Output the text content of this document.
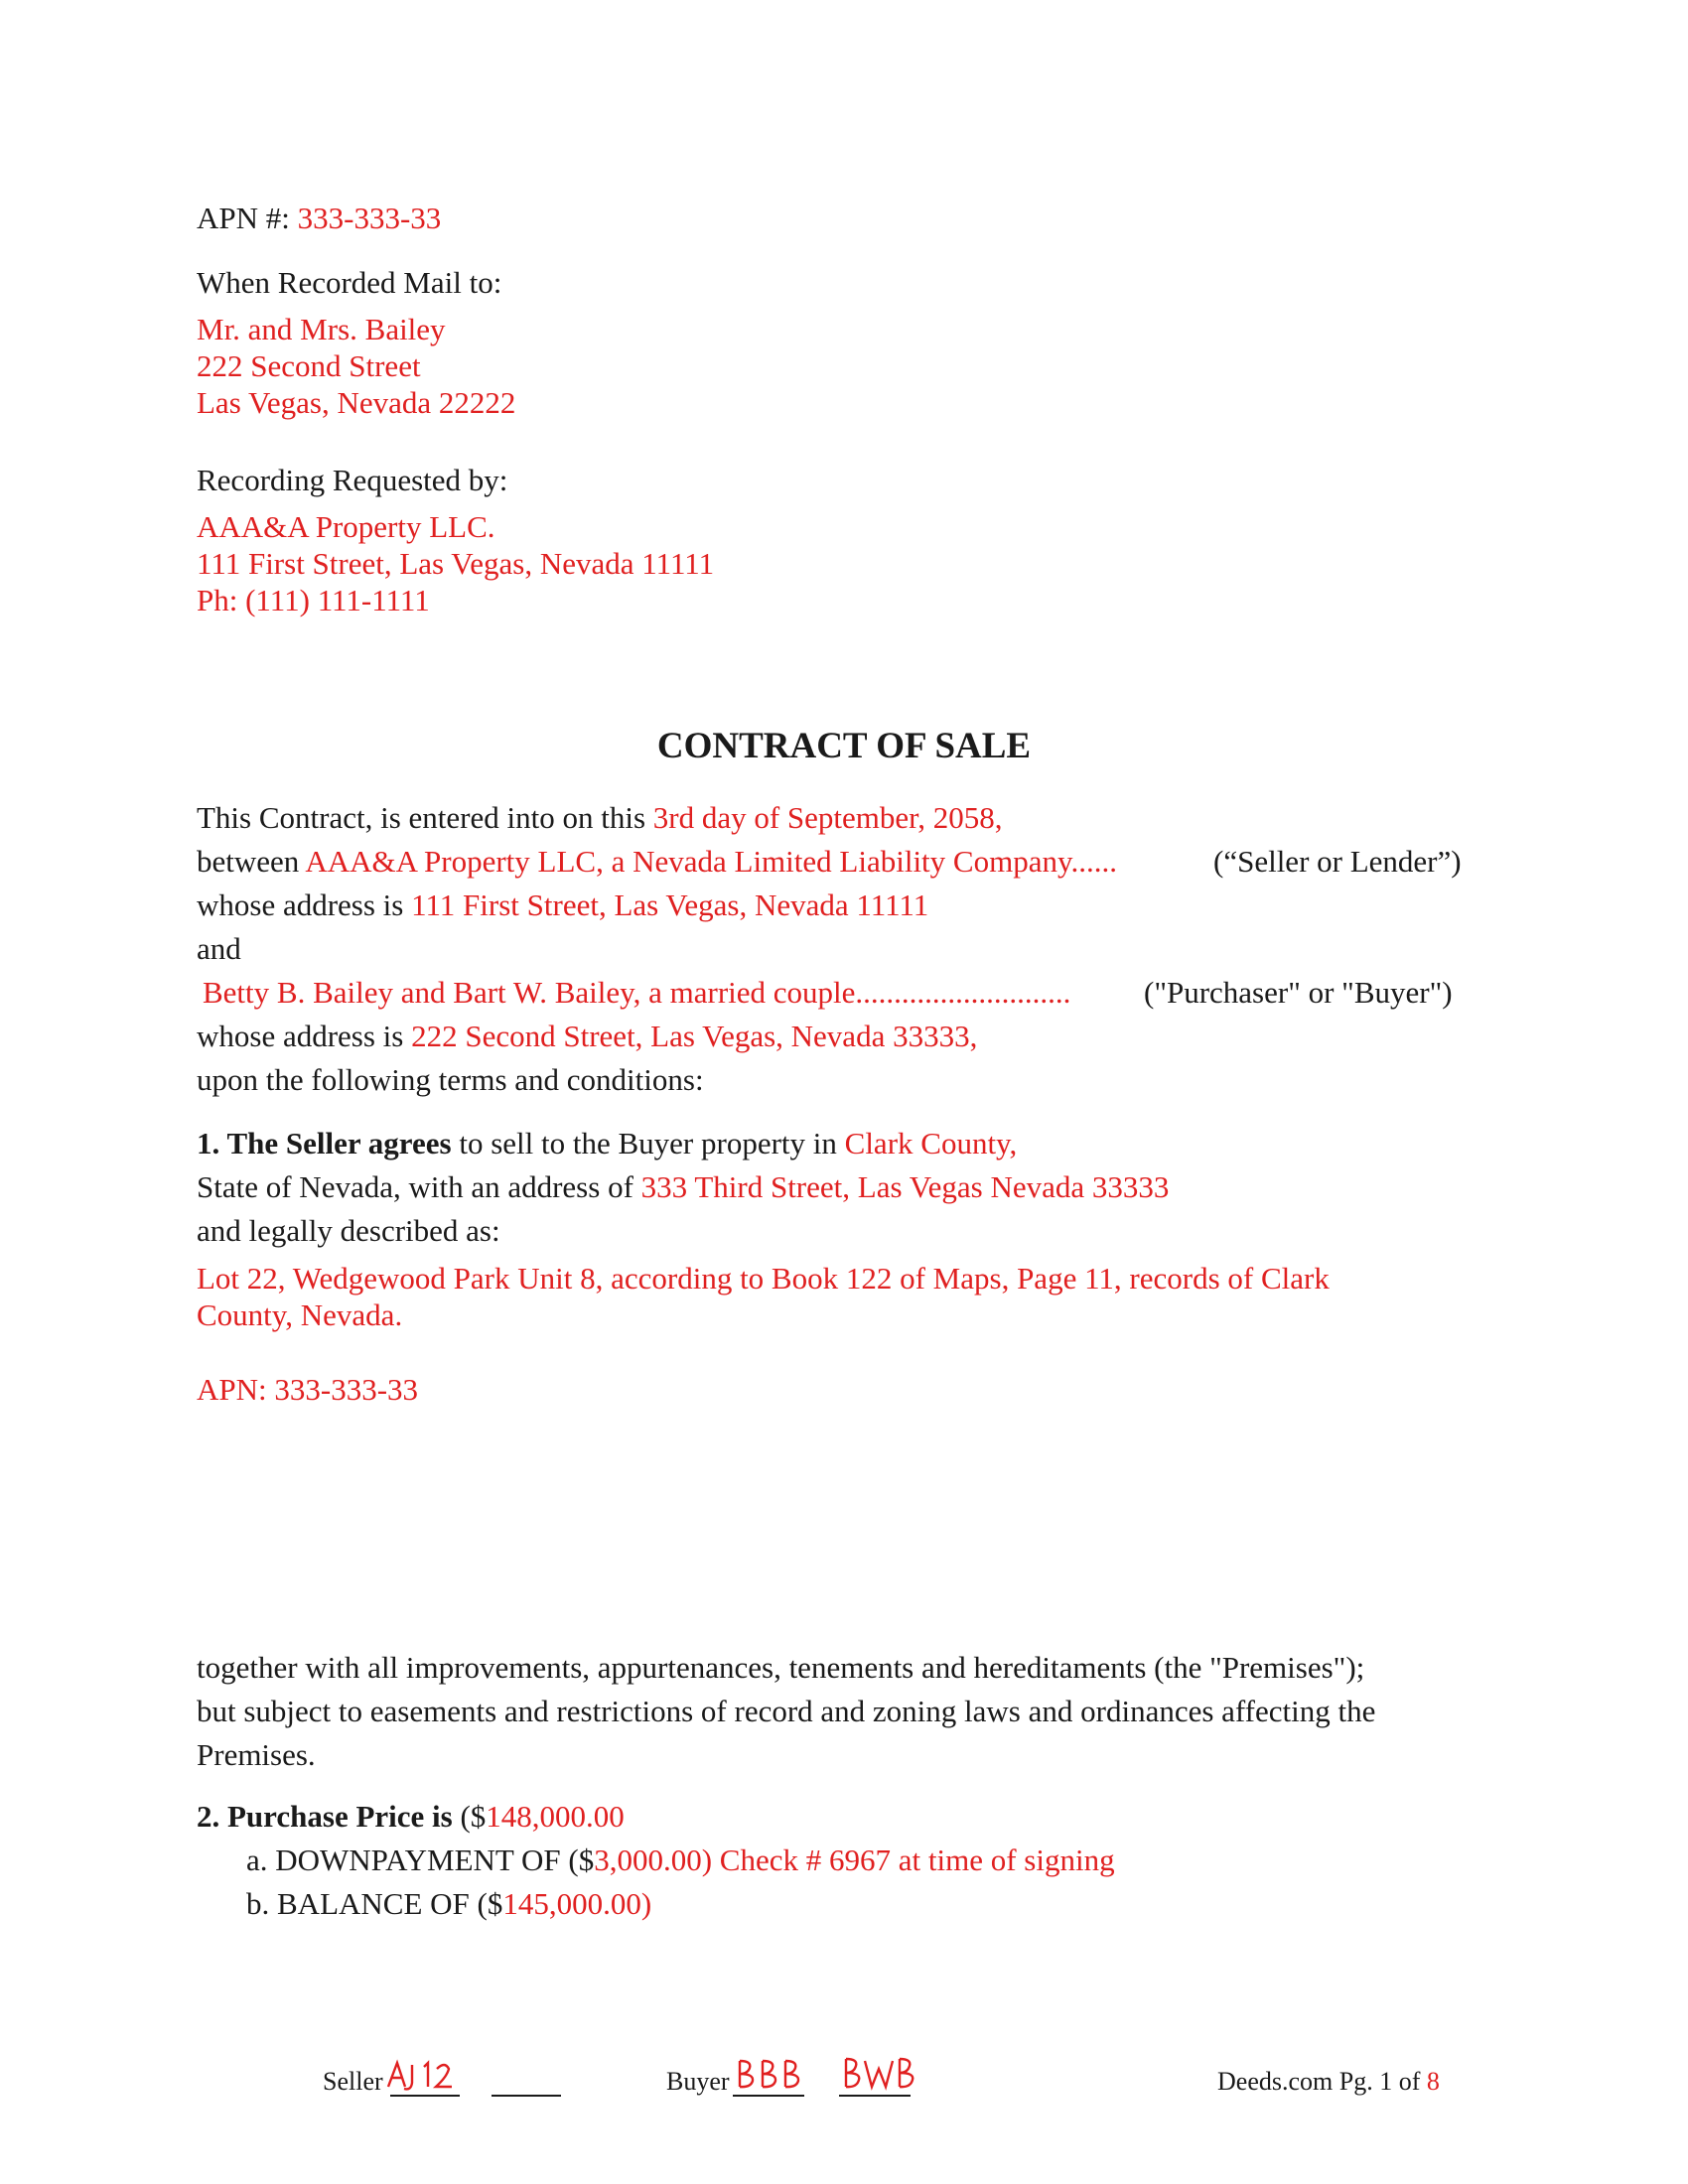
APN #: 333-333-33
When Recorded Mail to:
Mr. and Mrs. Bailey
222 Second Street
Las Vegas, Nevada 22222
Recording Requested by:
AAA&A Property LLC.
111 First Street, Las Vegas, Nevada 11111
Ph: (111) 111-1111
CONTRACT OF SALE
This Contract, is entered into on this 3rd day of September, 2058,
between AAA&A Property LLC, a Nevada Limited Liability Company......	(“Seller or Lender”)
whose address is 111 First Street, Las Vegas, Nevada 11111
and
Betty B. Bailey and Bart W. Bailey, a married couple............................ ("Purchaser" or "Buyer")
whose address is 222 Second Street, Las Vegas, Nevada 33333,
upon the following terms and conditions:
1. The Seller agrees to sell to the Buyer property in Clark County,
State of Nevada, with an address of 333 Third Street, Las Vegas Nevada 33333
and legally described as:
Lot 22, Wedgewood Park Unit 8, according to Book 122 of Maps, Page 11, records of Clark
County, Nevada.
APN: 333-333-33
together with all improvements, appurtenances, tenements and hereditaments (the "Premises");
but subject to easements and restrictions of record and zoning laws and ordinances affecting the
Premises.
2. Purchase Price is ($148,000.00
a. DOWNPAYMENT OF ($3,000.00) Check # 6967 at time of signing
b. BALANCE OF ($145,000.00)
Seller	Buyer	Deeds.com Pg. 1 of 8
